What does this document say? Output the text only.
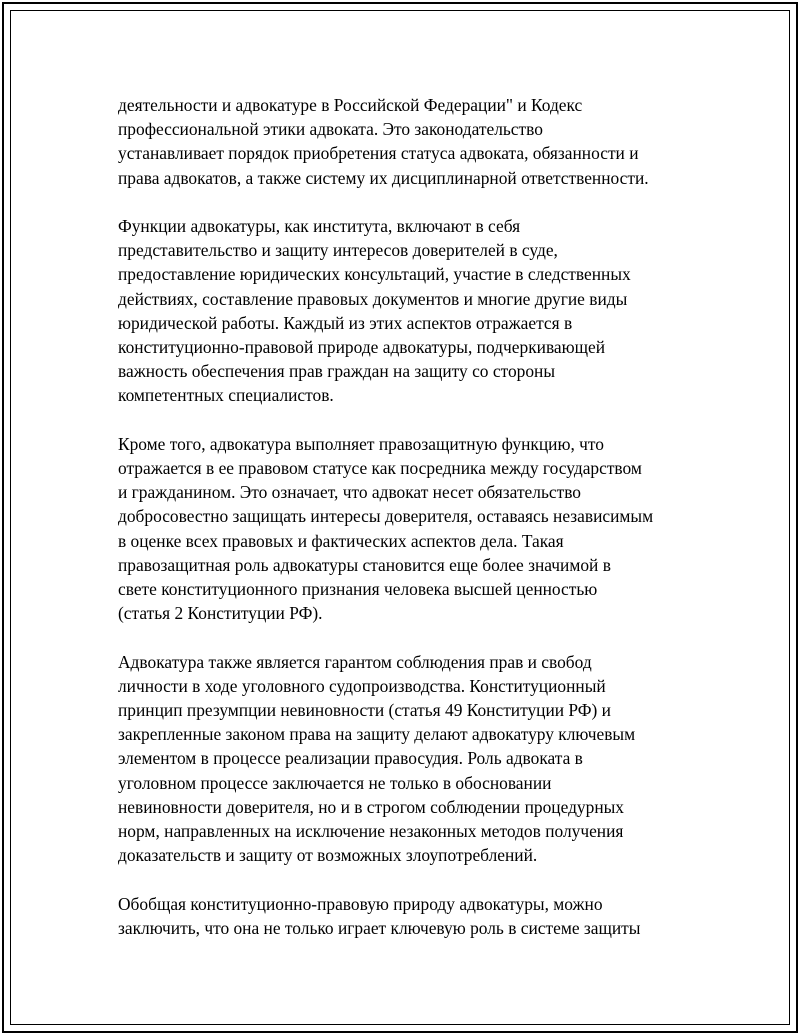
деятельности и адвокатуре в Российской Федерации" и Кодекс
профессиональной этики адвоката. Это законодательство
устанавливает порядок приобретения статуса адвоката, обязанности и
права адвокатов, а также систему их дисциплинарной ответственности.

Функции адвокатуры, как института, включают в себя
представительство и защиту интересов доверителей в суде,
предоставление юридических консультаций, участие в следственных
действиях, составление правовых документов и многие другие виды
юридической работы. Каждый из этих аспектов отражается в
конституционно-правовой природе адвокатуры, подчеркивающей
важность обеспечения прав граждан на защиту со стороны
компетентных специалистов.

Кроме того, адвокатура выполняет правозащитную функцию, что
отражается в ее правовом статусе как посредника между государством
и гражданином. Это означает, что адвокат несет обязательство
добросовестно защищать интересы доверителя, оставаясь независимым
в оценке всех правовых и фактических аспектов дела. Такая
правозащитная роль адвокатуры становится еще более значимой в
свете конституционного признания человека высшей ценностью
(статья 2 Конституции РФ).

Адвокатура также является гарантом соблюдения прав и свобод
личности в ходе уголовного судопроизводства. Конституционный
принцип презумпции невиновности (статья 49 Конституции РФ) и
закрепленные законом права на защиту делают адвокатуру ключевым
элементом в процессе реализации правосудия. Роль адвоката в
уголовном процессе заключается не только в обосновании
невиновности доверителя, но и в строгом соблюдении процедурных
норм, направленных на исключение незаконных методов получения
доказательств и защиту от возможных злоупотреблений.

Обобщая конституционно-правовую природу адвокатуры, можно
заключить, что она не только играет ключевую роль в системе защиты
